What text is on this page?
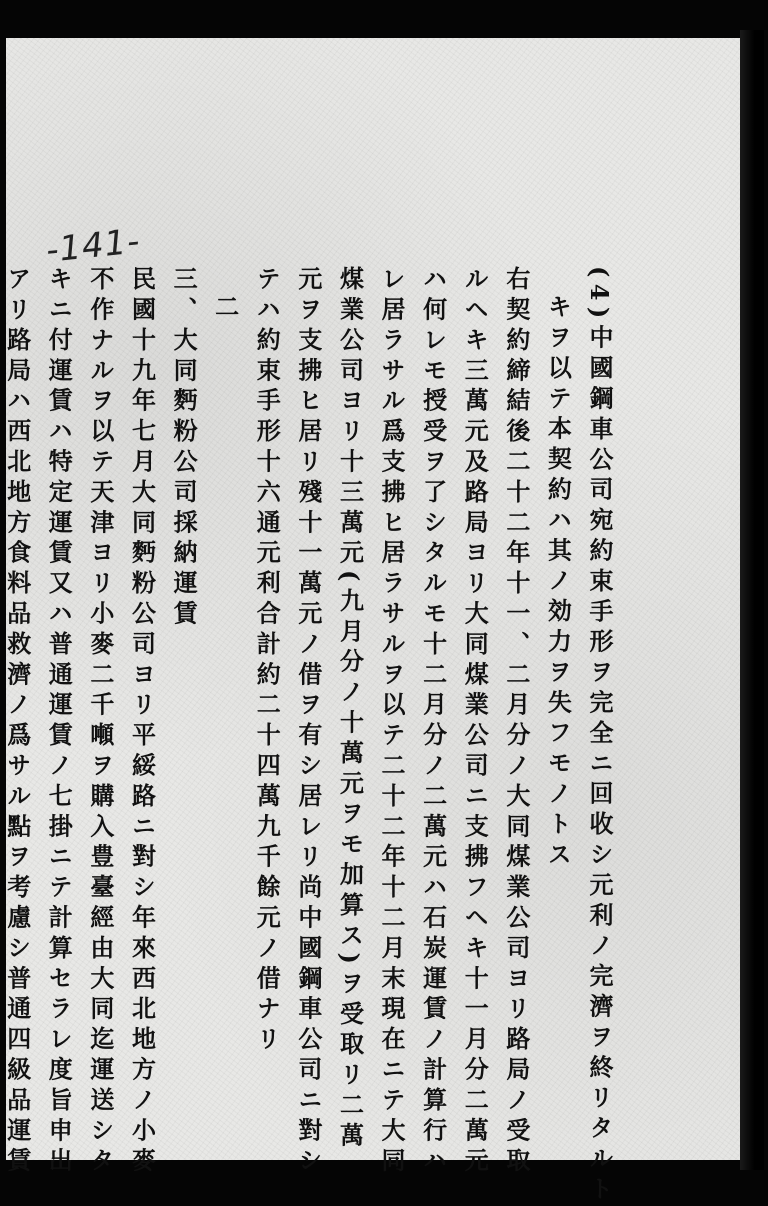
-141-

(4)中國鋼車公司宛約束手形ヲ完全ニ回收シ元利ノ完濟ヲ終リタルト
キヲ以テ本契約ハ其ノ効力ヲ失フモノトス
右契約締結後二十二年十一、二月分ノ大同煤業公司ヨリ路局ノ受取
ルヘキ三萬元及路局ヨリ大同煤業公司ニ支拂フヘキ十一月分二萬元
ハ何レモ授受ヲ了シタルモ十二月分ノ二萬元ハ石炭運賃ノ計算行ハ
レ居ラサル爲支拂ヒ居ラサルヲ以テ二十二年十二月末現在ニテ大同
煤業公司ヨリ十三萬元(九月分ノ十萬元ヲモ加算ス)ヲ受取リ二萬
元ヲ支拂ヒ居リ殘十一萬元ノ借ヲ有シ居レリ尚中國鋼車公司ニ對シ
テハ約束手形十六通元利合計約二十四萬九千餘元ノ借ナリ
二
三、大同麪粉公司採納運賃
民國十九年七月大同麪粉公司ヨリ平綏路ニ對シ年來西北地方ノ小麥
不作ナルヲ以テ天津ヨリ小麥二千噸ヲ購入豊臺經由大同迄運送シタ
キニ付運賃ハ特定運賃又ハ普通運賃ノ七掛ニテ計算セラレ度旨申出
アリ路局ハ西北地方食料品救濟ノ爲サル點ヲ考慮シ普通四級品運賃
